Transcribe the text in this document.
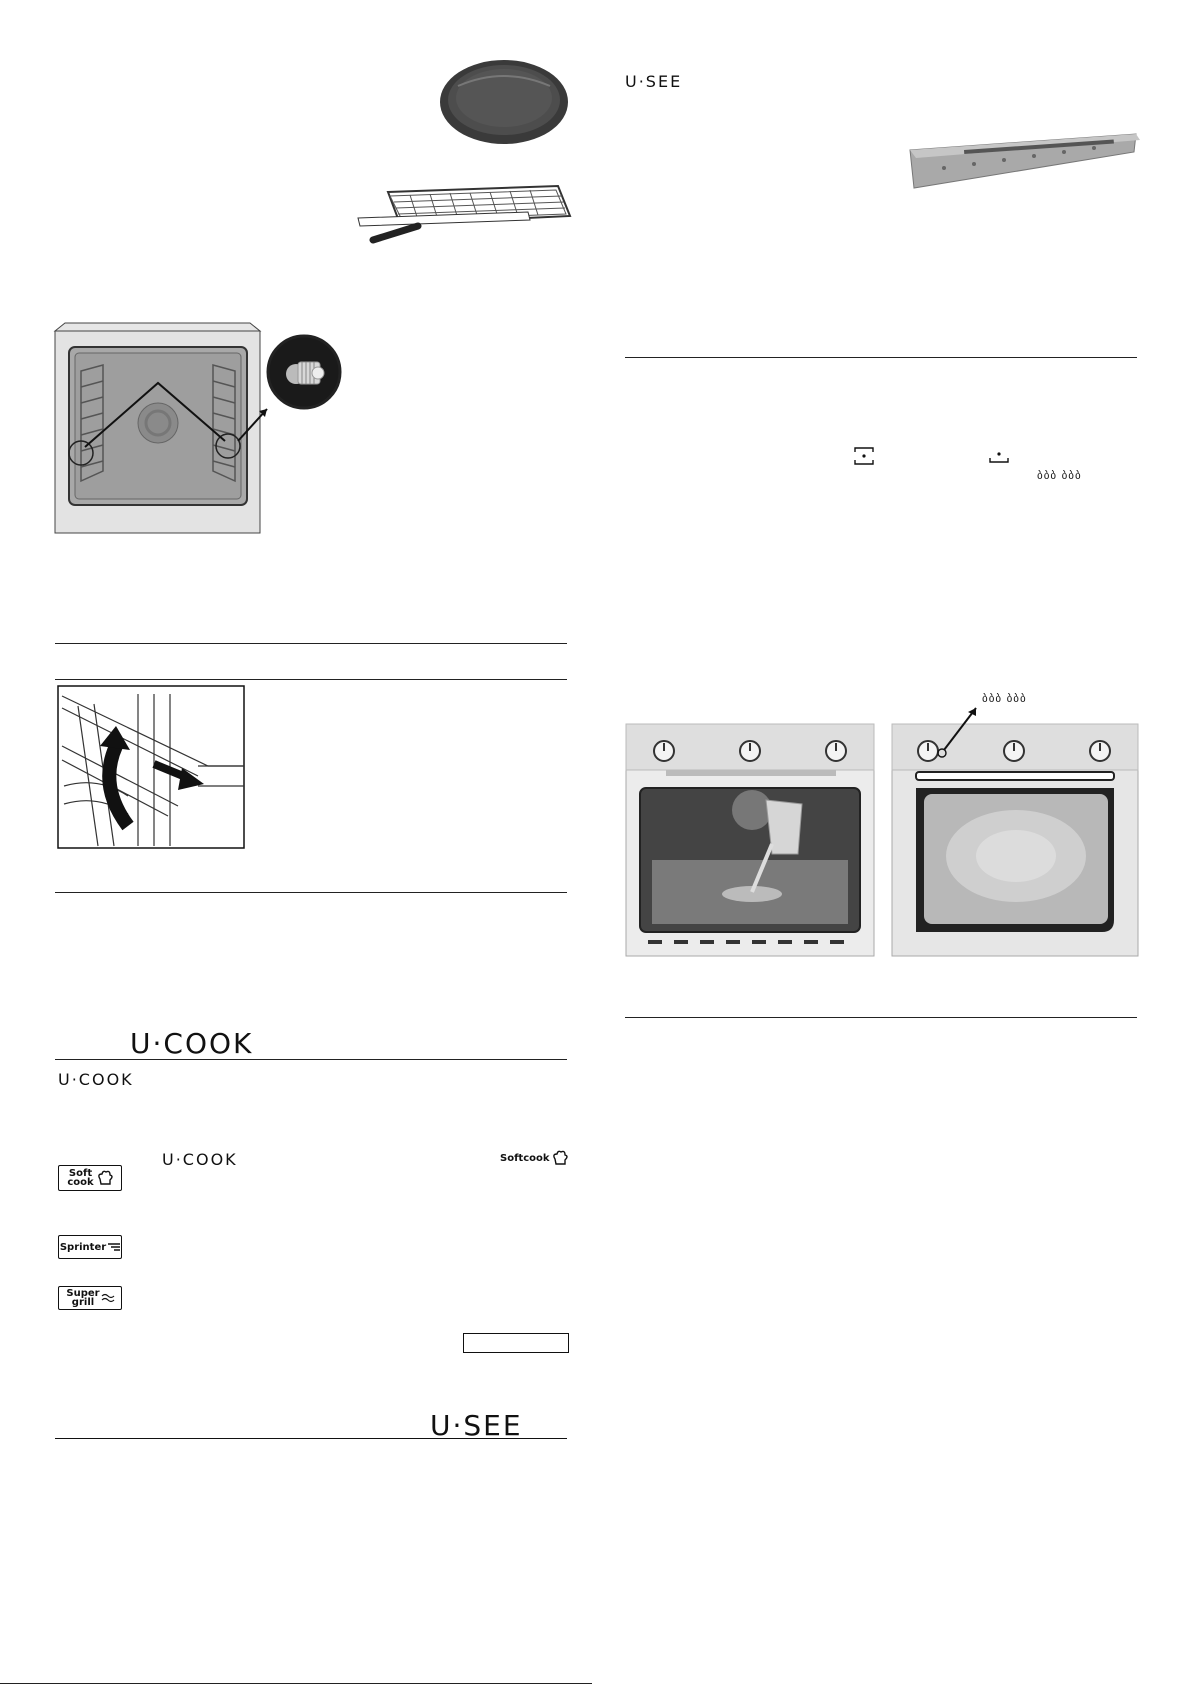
U·COOK
U·COOK
Soft
cook
U·COOK	Softcook
Sprinter
Super
grill
U·SEE
U·SEE
ბბბ ბბბ
ბბბ ბბბ
